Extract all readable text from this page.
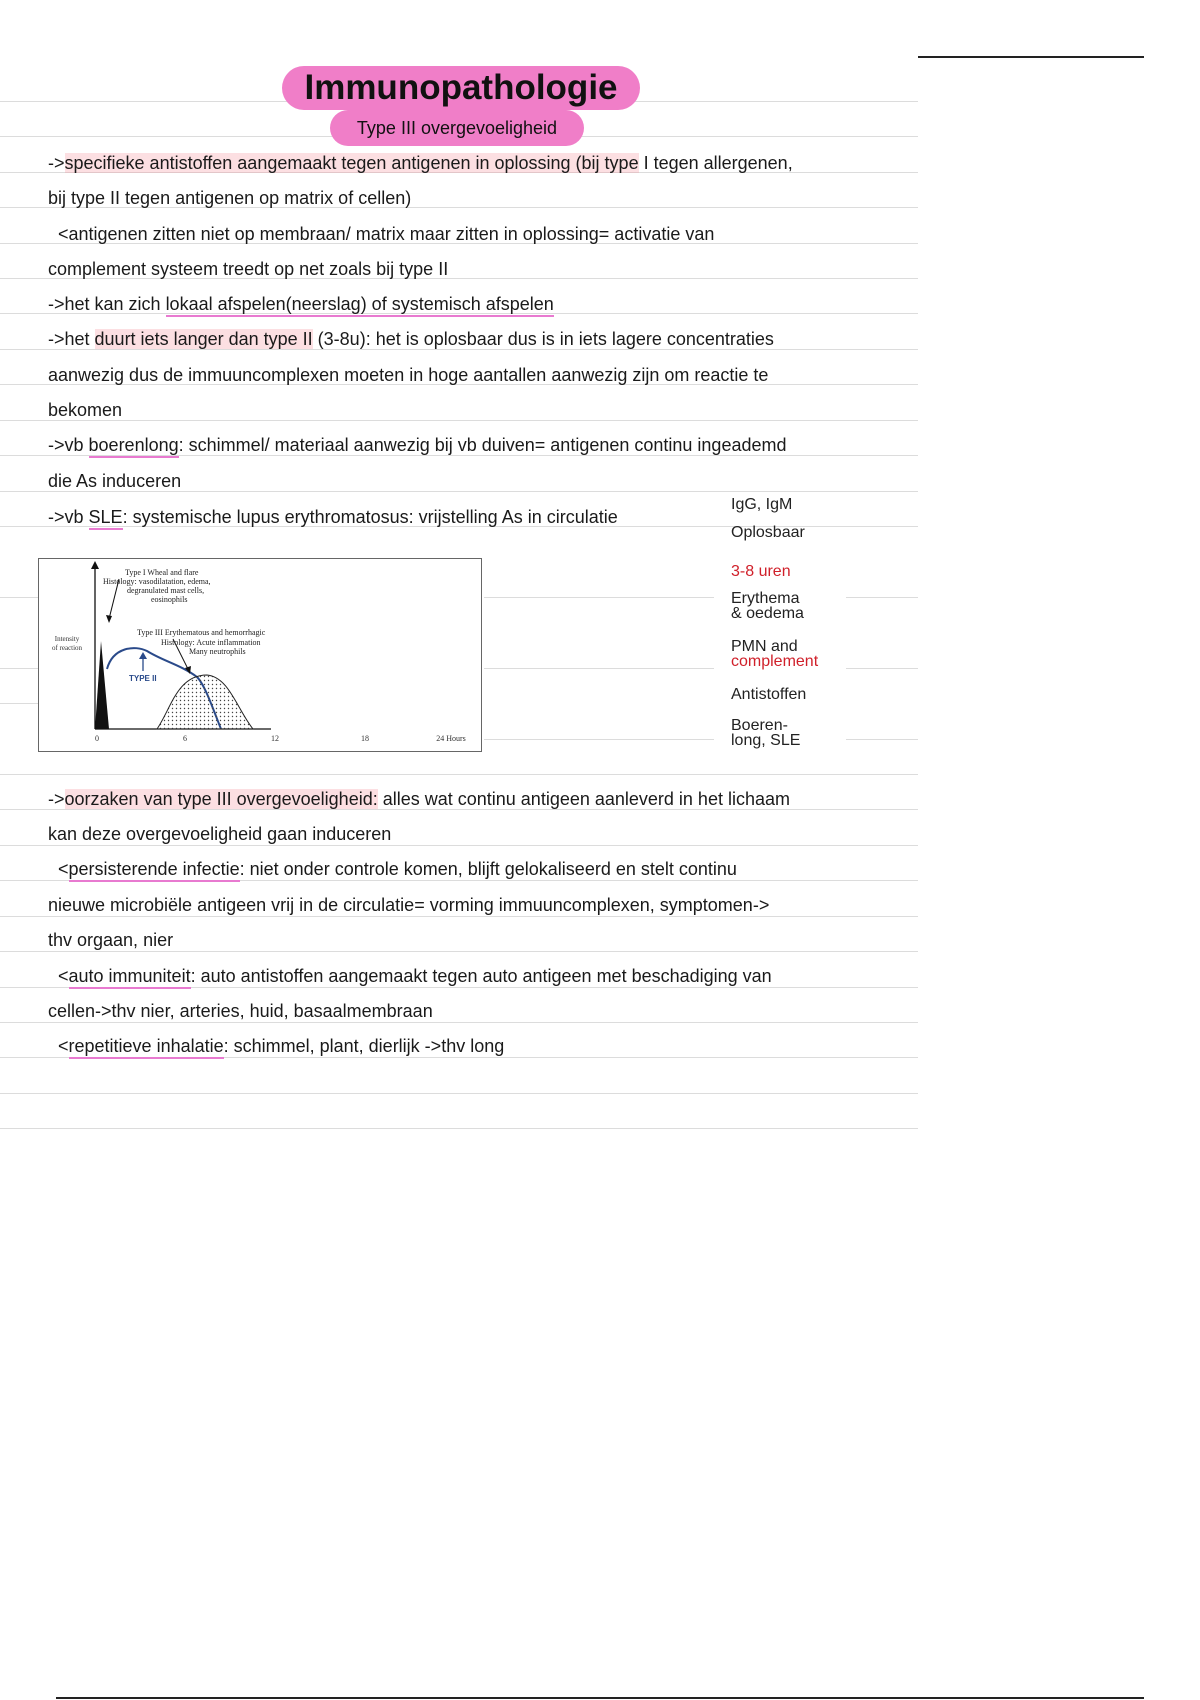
Immunopathologie
Type III overgevoeligheid
->specifieke antistoffen aangemaakt tegen antigenen in oplossing (bij type I tegen allergenen,
bij type II tegen antigenen op matrix of cellen)
<antigenen zitten niet op membraan/ matrix maar zitten in oplossing= activatie van
complement systeem treedt op net zoals bij type II
->het kan zich lokaal afspelen(neerslag) of systemisch afspelen
->het duurt iets langer dan type II (3-8u): het is oplosbaar dus is in iets lagere concentraties
aanwezig dus de immuuncomplexen moeten in hoge aantallen aanwezig zijn om reactie te
bekomen
->vb boerenlong: schimmel/ materiaal aanwezig bij vb duiven= antigenen continu ingeademd
die As induceren
->vb SLE: systemische lupus erythromatosus: vrijstelling As in circulatie
Intensity
of reaction
Type I Wheal and flare
Histology: vasodilatation, edema,
degranulated mast cells,
eosinophils
Type III Erythematous and hemorrhagic
Histology: Acute inflammation
Many neutrophils
TYPE II
0	6	12	18	24 Hours
IgG, IgM
Oplosbaar
3-8 uren
Erythema
& oedema
PMN and
complement
Antistoffen
Boeren-
long, SLE
->oorzaken van type III overgevoeligheid: alles wat continu antigeen aanleverd in het lichaam
kan deze overgevoeligheid gaan induceren
<persisterende infectie: niet onder controle komen, blijft gelokaliseerd en stelt continu
nieuwe microbiële antigeen vrij in de circulatie= vorming immuuncomplexen, symptomen->
thv orgaan, nier
<auto immuniteit: auto antistoffen aangemaakt tegen auto antigeen met beschadiging van
cellen->thv nier, arteries, huid, basaalmembraan
<repetitieve inhalatie: schimmel, plant, dierlijk ->thv long
